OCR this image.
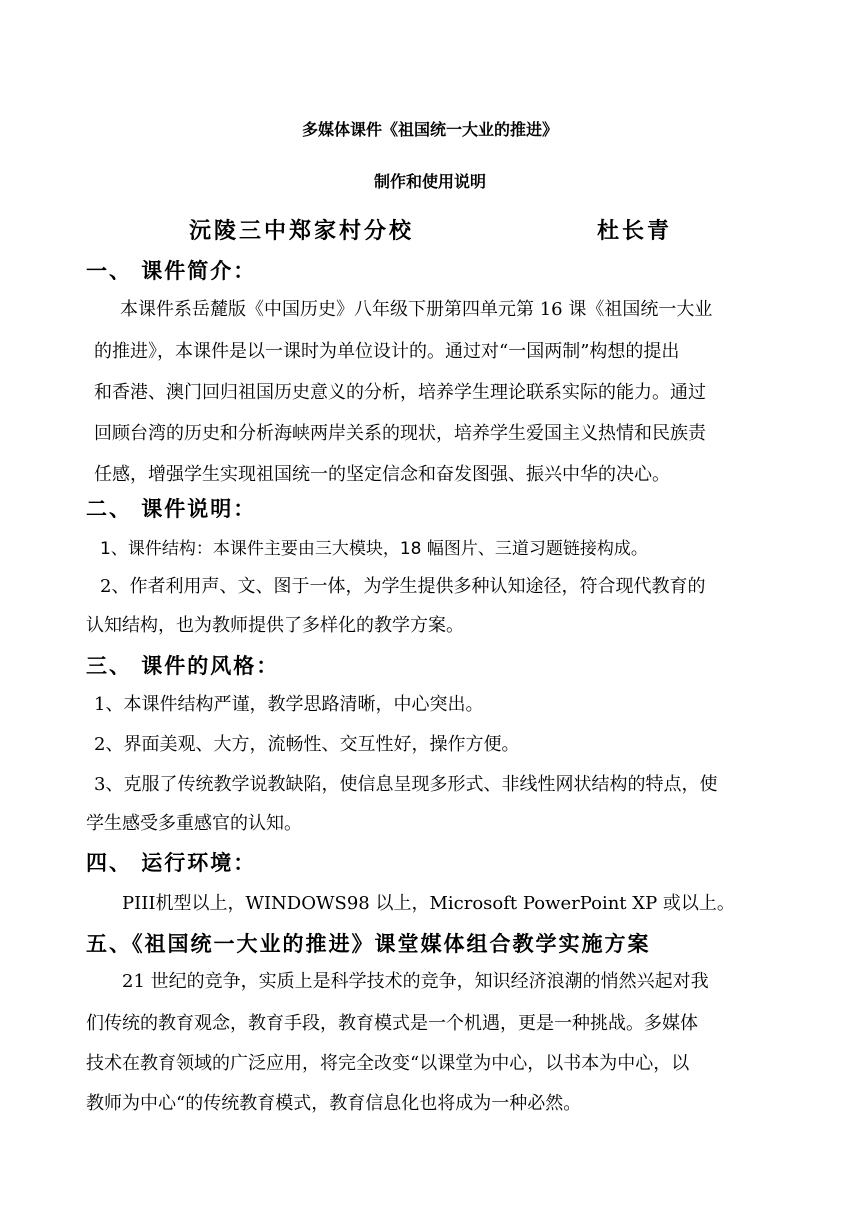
多媒体课件《祖国统一大业的推进》
制作和使用说明
沅陵三中郑家村分校	杜长青
一、 课件简介：
本课件系岳麓版《中国历史》八年级下册第四单元第 16 课《祖国统一大业
的推进》，本课件是以一课时为单位设计的。通过对“一国两制”构想的提出
和香港、澳门回归祖国历史意义的分析，培养学生理论联系实际的能力。通过
回顾台湾的历史和分析海峡两岸关系的现状，培养学生爱国主义热情和民族责
任感，增强学生实现祖国统一的坚定信念和奋发图强、振兴中华的决心。
二、 课件说明：
1、课件结构：本课件主要由三大模块，18 幅图片、三道习题链接构成。
2、作者利用声、文、图于一体，为学生提供多种认知途径，符合现代教育的
认知结构，也为教师提供了多样化的教学方案。
三、 课件的风格：
1、本课件结构严谨，教学思路清晰，中心突出。
2、界面美观、大方，流畅性、交互性好，操作方便。
3、克服了传统教学说教缺陷，使信息呈现多形式、非线性网状结构的特点，使
学生感受多重感官的认知。
四、 运行环境：
PIII机型以上，WINDOWS98 以上，Microsoft PowerPoint XP 或以上。
五、《祖国统一大业的推进》课堂媒体组合教学实施方案
21 世纪的竞争，实质上是科学技术的竞争，知识经济浪潮的悄然兴起对我
们传统的教育观念，教育手段，教育模式是一个机遇，更是一种挑战。多媒体
技术在教育领域的广泛应用，将完全改变“以课堂为中心，以书本为中心，以
教师为中心“的传统教育模式，教育信息化也将成为一种必然。
